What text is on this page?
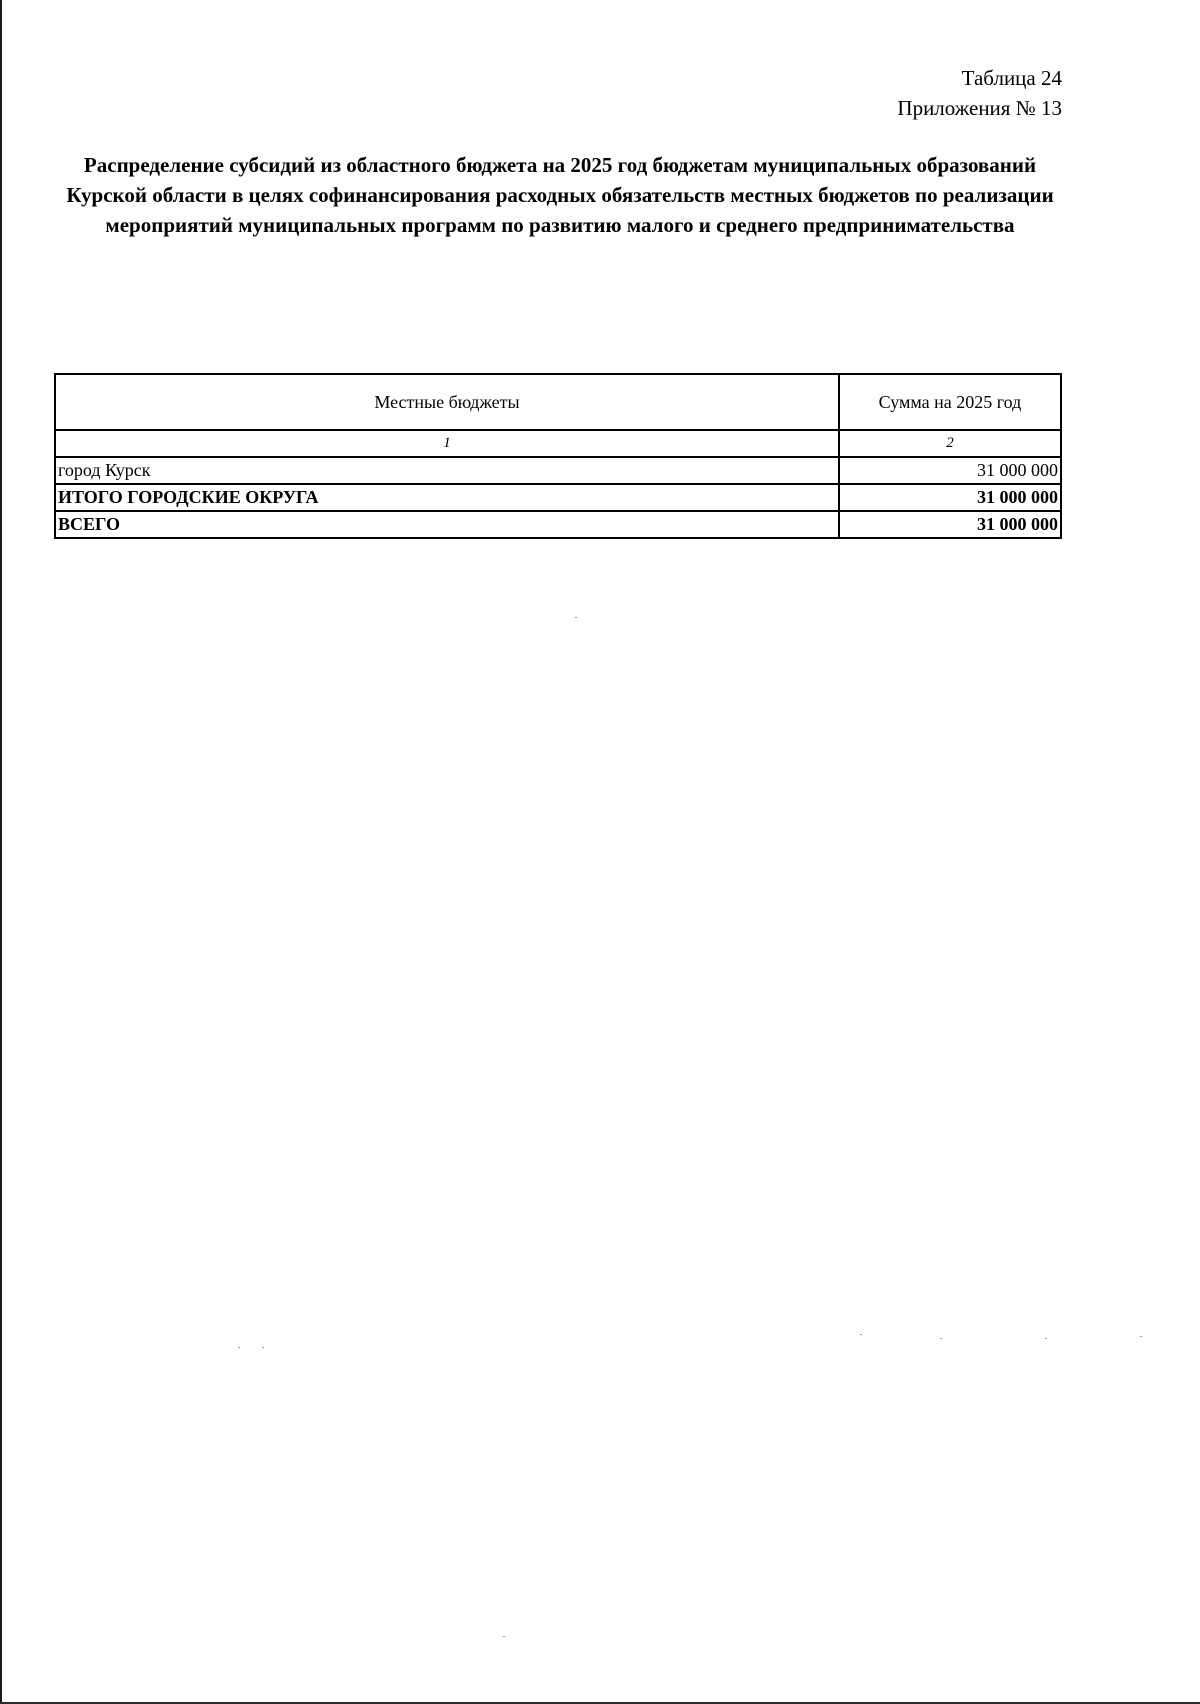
Таблица 24
Приложения № 13
Распределение субсидий из областного бюджета на 2025 год бюджетам муниципальных образований Курской области в целях софинансирования расходных обязательств местных бюджетов по реализации мероприятий муниципальных программ по развитию малого и среднего предпринимательства
Местные бюджеты	Сумма на 2025 год
1	2
город Курск	31 000 000
ИТОГО ГОРОДСКИЕ ОКРУГА	31 000 000
ВСЕГО	31 000 000
